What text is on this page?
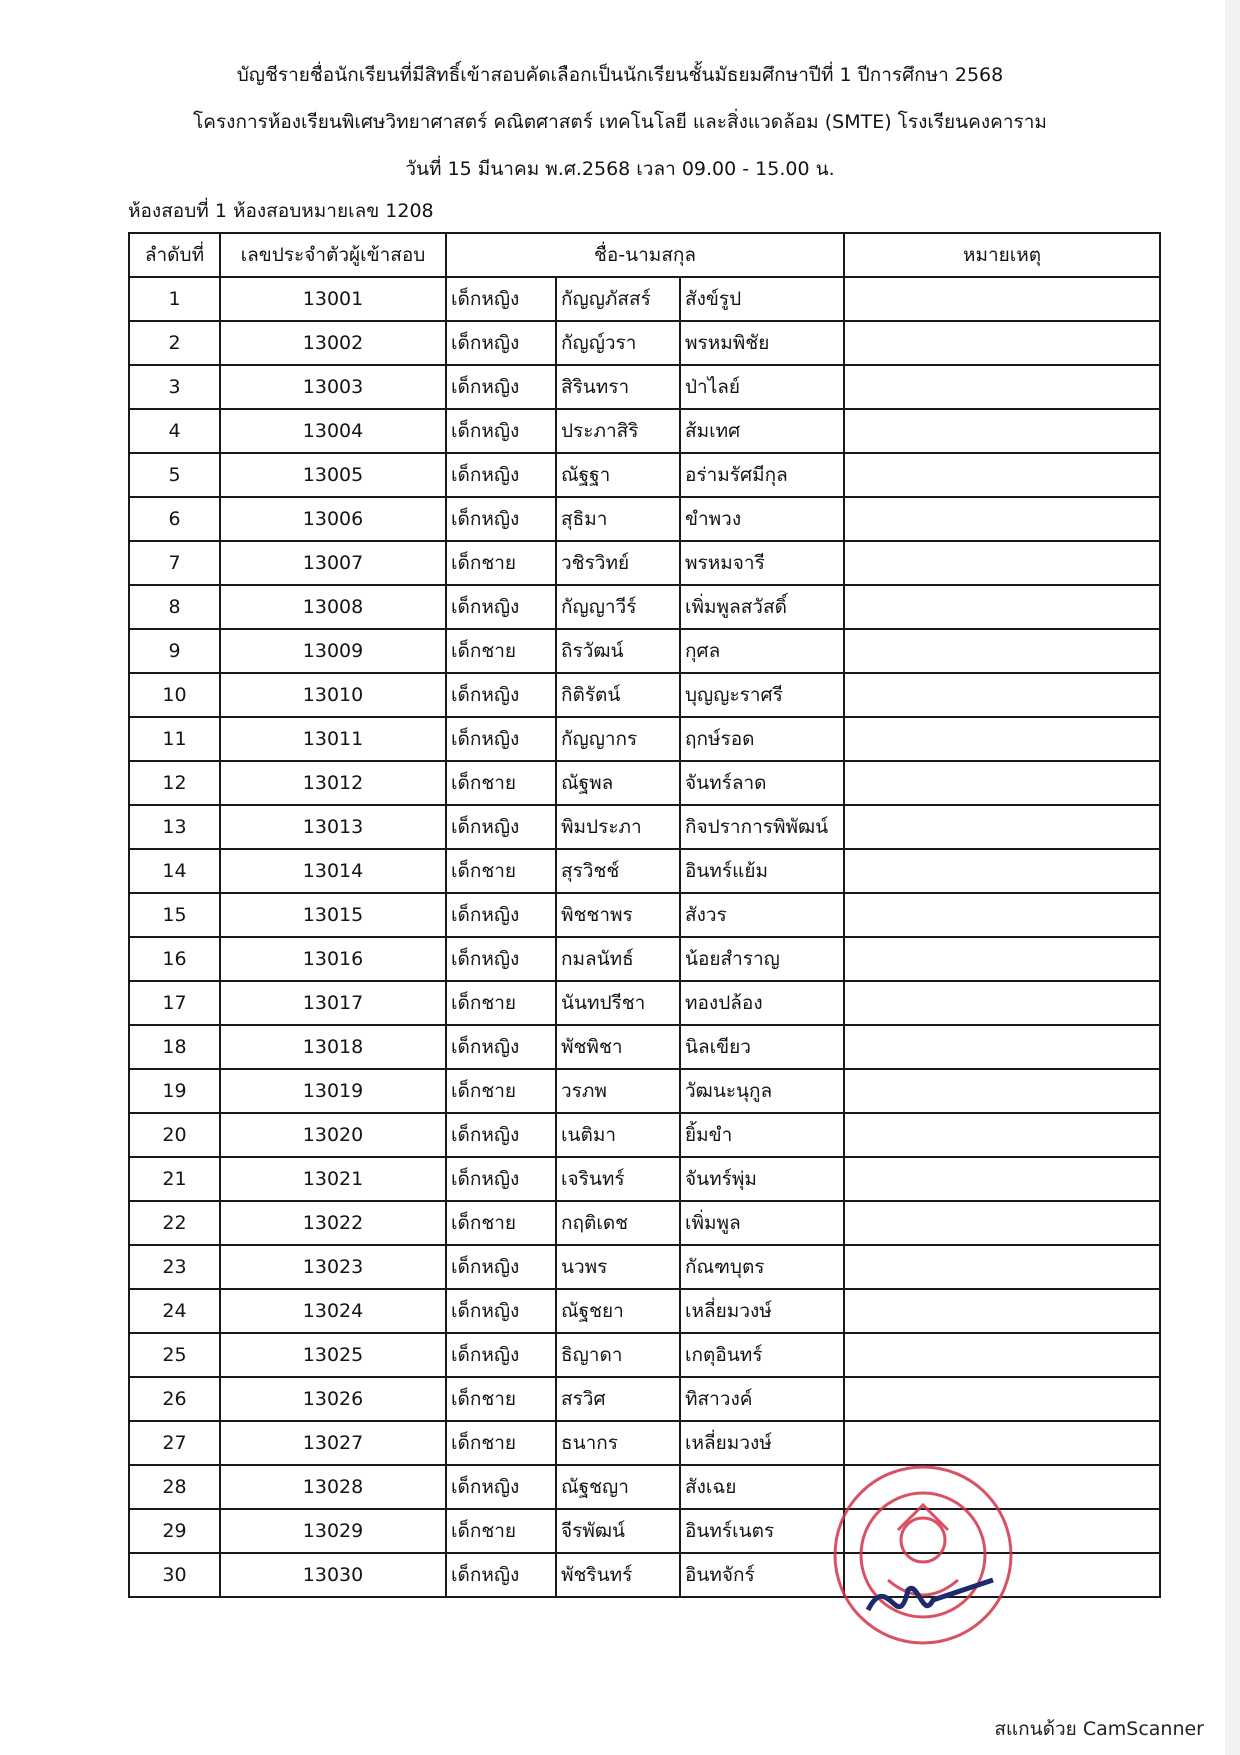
บัญชีรายชื่อนักเรียนที่มีสิทธิ์เข้าสอบคัดเลือกเป็นนักเรียนชั้นมัธยมศึกษาปีที่ 1 ปีการศึกษา 2568
โครงการห้องเรียนพิเศษวิทยาศาสตร์ คณิตศาสตร์ เทคโนโลยี และสิ่งแวดล้อม (SMTE) โรงเรียนคงคาราม
วันที่ 15 มีนาคม พ.ศ.2568 เวลา 09.00 - 15.00 น.
ห้องสอบที่ 1 ห้องสอบหมายเลข 1208
ลำดับที่	เลขประจำตัวผู้เข้าสอบ	ชื่อ-นามสกุล			หมายเหตุ
1	13001	เด็กหญิง	กัญญภัสสร์	สังข์รูป	
2	13002	เด็กหญิง	กัญญ์วรา	พรหมพิชัย	
3	13003	เด็กหญิง	สิรินทรา	ป่าไลย์	
4	13004	เด็กหญิง	ประภาสิริ	ส้มเทศ	
5	13005	เด็กหญิง	ณัฐฐา	อร่ามรัศมีกุล	
6	13006	เด็กหญิง	สุธิมา	ขำพวง	
7	13007	เด็กชาย	วชิรวิทย์	พรหมจารี	
8	13008	เด็กหญิง	กัญญาวีร์	เพิ่มพูลสวัสดิ์	
9	13009	เด็กชาย	ถิรวัฒน์	กุศล	
10	13010	เด็กหญิง	กิติรัตน์	บุญญะราศรี	
11	13011	เด็กหญิง	กัญญากร	ฤกษ์รอด	
12	13012	เด็กชาย	ณัฐพล	จันทร์ลาด	
13	13013	เด็กหญิง	พิมประภา	กิจปราการพิพัฒน์	
14	13014	เด็กชาย	สุรวิชช์	อินทร์แย้ม	
15	13015	เด็กหญิง	พิชชาพร	สังวร	
16	13016	เด็กหญิง	กมลนัทธ์	น้อยสำราญ	
17	13017	เด็กชาย	นันทปรีชา	ทองปล้อง	
18	13018	เด็กหญิง	พัชพิชา	นิลเขียว	
19	13019	เด็กชาย	วรภพ	วัฒนะนุกูล	
20	13020	เด็กหญิง	เนติมา	ยิ้มขำ	
21	13021	เด็กหญิง	เจรินทร์	จันทร์พุ่ม	
22	13022	เด็กชาย	กฤติเดช	เพิ่มพูล	
23	13023	เด็กหญิง	นวพร	กัณฑบุตร	
24	13024	เด็กหญิง	ณัฐชยา	เหลี่ยมวงษ์	
25	13025	เด็กหญิง	ธิญาดา	เกตุอินทร์	
26	13026	เด็กชาย	สรวิศ	ทิสาวงค์	
27	13027	เด็กชาย	ธนากร	เหลี่ยมวงษ์	
28	13028	เด็กหญิง	ณัฐชญา	สังเฉย	
29	13029	เด็กชาย	จีรพัฒน์	อินทร์เนตร	
30	13030	เด็กหญิง	พัชรินทร์	อินทจักร์	
สแกนด้วย CamScanner
